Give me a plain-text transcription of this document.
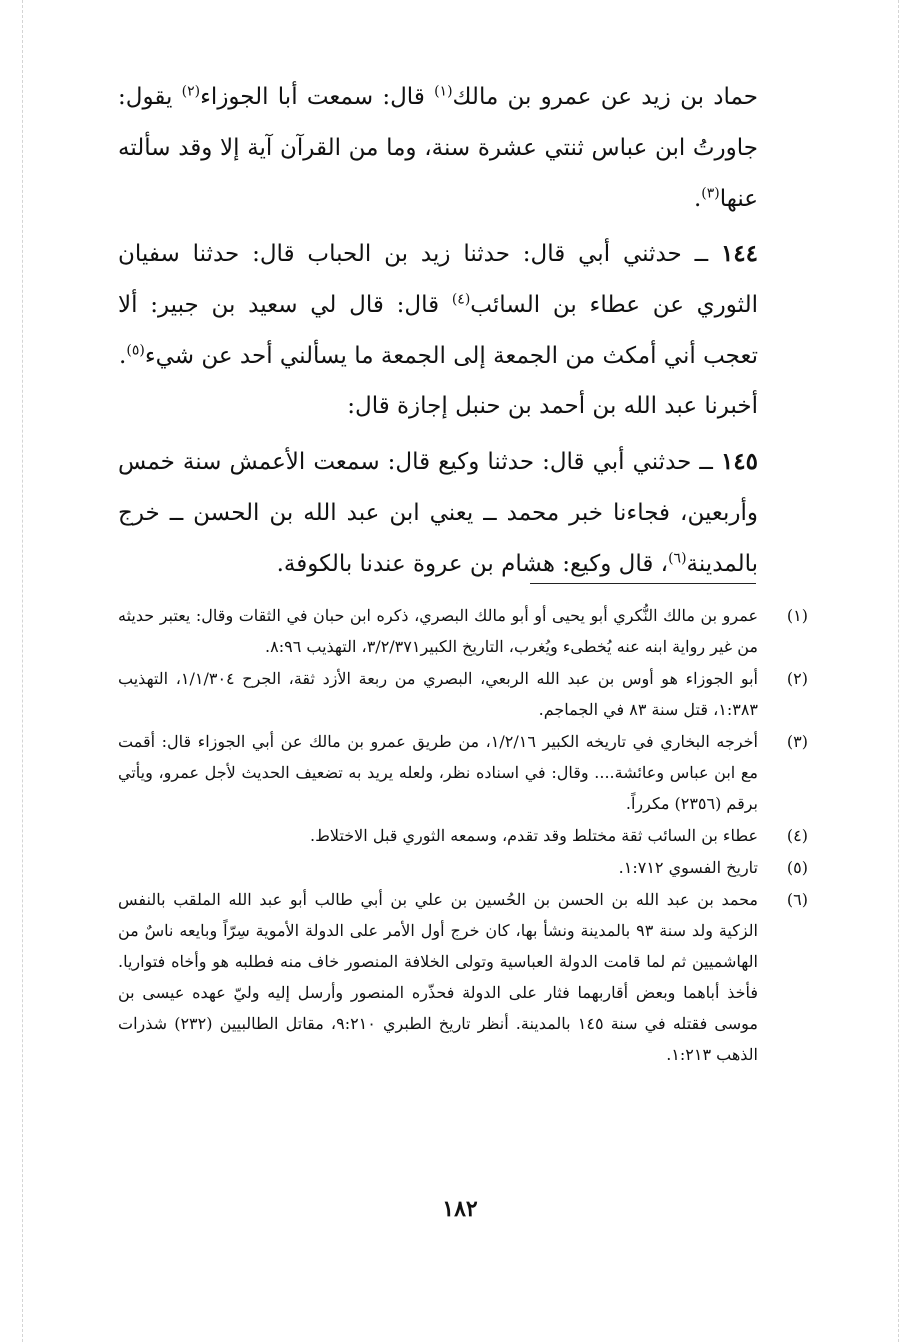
حماد بن زيد عن عمرو بن مالك$^{(١)}$ قال: سمعت أبا الجوزاء$^{(٢)}$ يقول: جاورتُ ابن عباس ثنتي عشرة سنة، وما من القرآن آية إلا وقد سألته عنها$^{(٣)}$.

١٤٤ ــ حدثني أبي قال: حدثنا زيد بن الحباب قال: حدثنا سفيان الثوري عن عطاء بن السائب$^{(٤)}$ قال: قال لي سعيد بن جبير: ألا تعجب أني أمكث من الجمعة إلى الجمعة ما يسألني أحد عن شيء$^{(٥)}$.

أخبرنا عبد الله بن أحمد بن حنبل إجازة قال:

١٤٥ ــ حدثني أبي قال: حدثنا وكيع قال: سمعت الأعمش سنة خمس وأربعين، فجاءنا خبر محمد ــ يعني ابن عبد الله بن الحسن ــ خرج بالمدينة$^{(٦)}$، قال وكيع: هشام بن عروة عندنا بالكوفة.

(١)
عمرو بن مالك النُّكري أبو يحيى أو أبو مالك البصري، ذكره ابن حبان في الثقات وقال: يعتبر حديثه من غير رواية ابنه عنه يُخطىء ويُغرب، التاريخ الكبير٣/٢/٣٧١، التهذيب ٨:٩٦.
(٢)
أبو الجوزاء هو أوس بن عبد الله الربعي، البصري من ربعة الأزد ثقة، الجرح ١/١/٣٠٤، التهذيب ١:٣٨٣، قتل سنة ٨٣ في الجماجم.
(٣)
أخرجه البخاري في تاريخه الكبير ١/٢/١٦، من طريق عمرو بن مالك عن أبي الجوزاء قال: أقمت مع ابن عباس وعائشة.... وقال: في اسناده نظر، ولعله يريد به تضعيف الحديث لأجل عمرو، ويأتي برقم (٢٣٥٦) مكرراً.
(٤)
عطاء بن السائب ثقة مختلط وقد تقدم، وسمعه الثوري قبل الاختلاط.
(٥)
تاريخ الفسوي ١:٧١٢.
(٦)
محمد بن عبد الله بن الحسن بن الحُسين بن علي بن أبي طالب أبو عبد الله الملقب بالنفس الزكية ولد سنة ٩٣ بالمدينة ونشأ بها، كان خرج أول الأمر على الدولة الأموية سِرّاً وبايعه ناسٌ من الهاشميين ثم لما قامت الدولة العباسية وتولى الخلافة المنصور خاف منه فطلبه هو وأخاه فتواريا. فأخذ أباهما وبعض أقاربهما فثار على الدولة فحذّره المنصور وأرسل إليه وليّ عهده عيسى بن موسى فقتله في سنة ١٤٥ بالمدينة. أنظر تاريخ الطبري ٩:٢١٠، مقاتل الطالبيين (٢٣٢) شذرات الذهب ١:٢١٣.
١٨٢
